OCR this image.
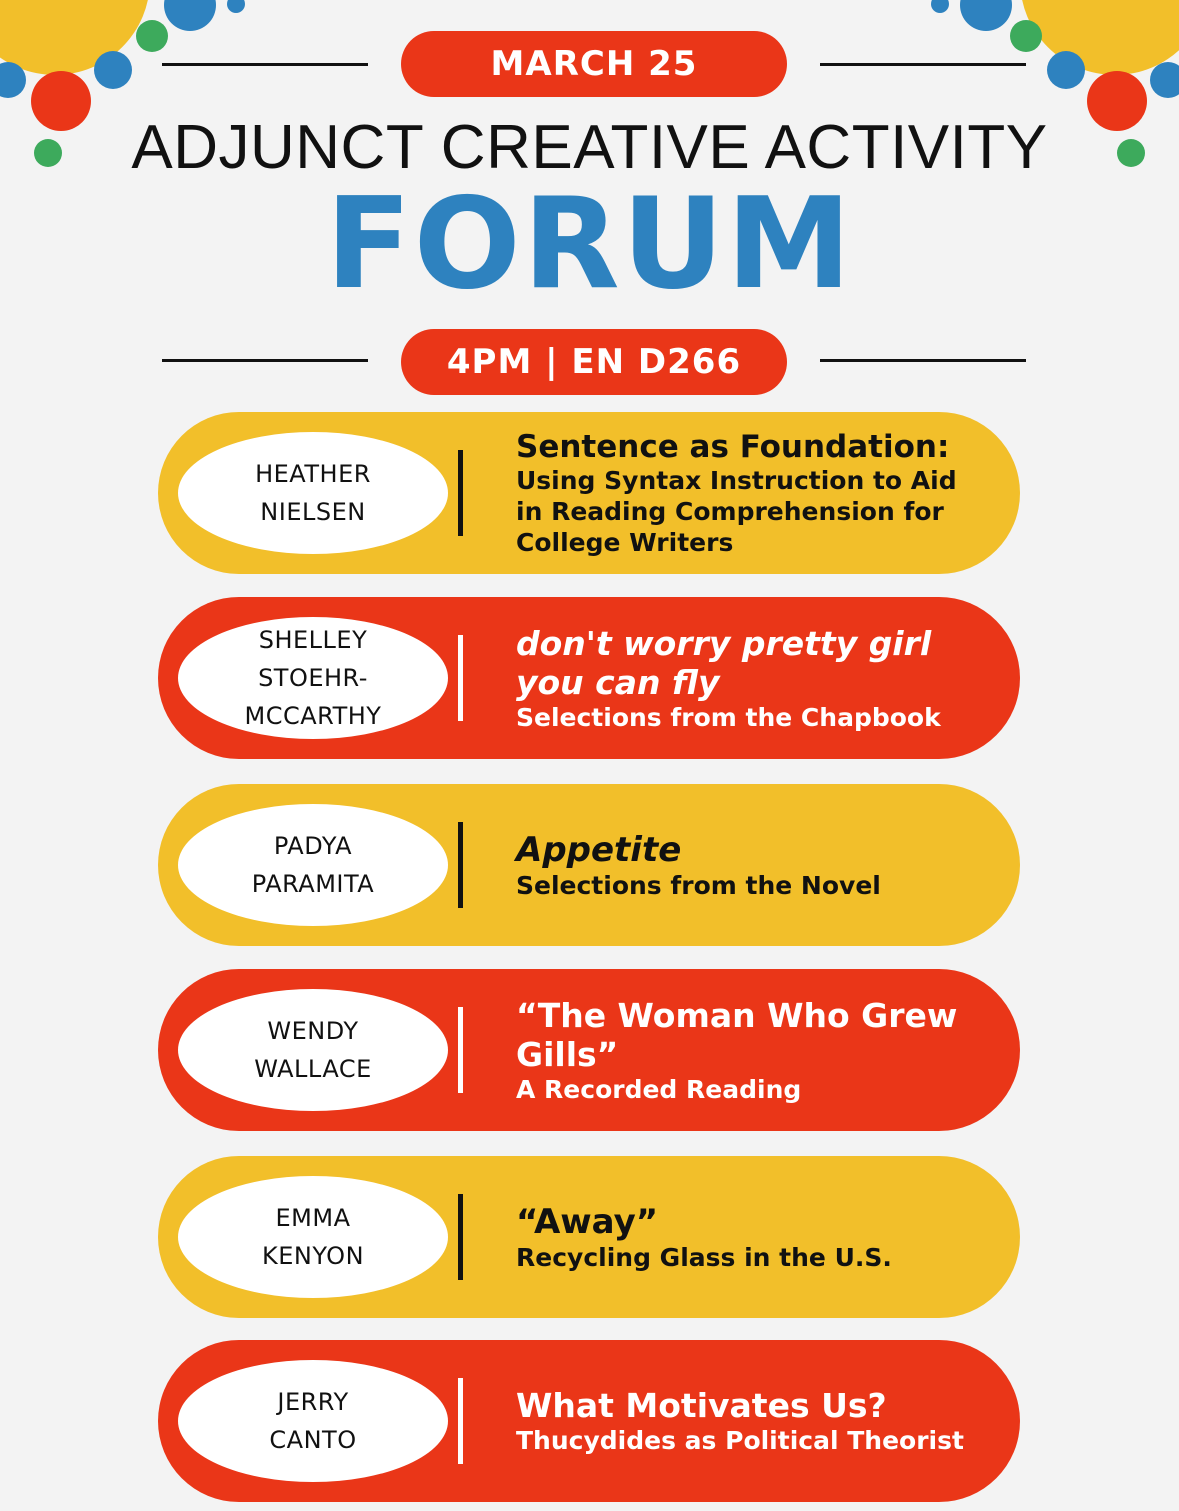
MARCH 25
ADJUNCT CREATIVE ACTIVITY
FORUM
4PM | EN D266
HEATHER
NIELSEN
Sentence as Foundation:
Using Syntax Instruction to Aid in Reading Comprehension for College Writers
SHELLEY
STOEHR-
MCCARTHY
don't worry pretty girl you can fly
Selections from the Chapbook
PADYA
PARAMITA
Appetite
Selections from the Novel
WENDY
WALLACE
“The Woman Who Grew Gills”
A Recorded Reading
EMMA
KENYON
“Away”
Recycling Glass in the U.S.
JERRY
CANTO
What Motivates Us?
Thucydides as Political Theorist
